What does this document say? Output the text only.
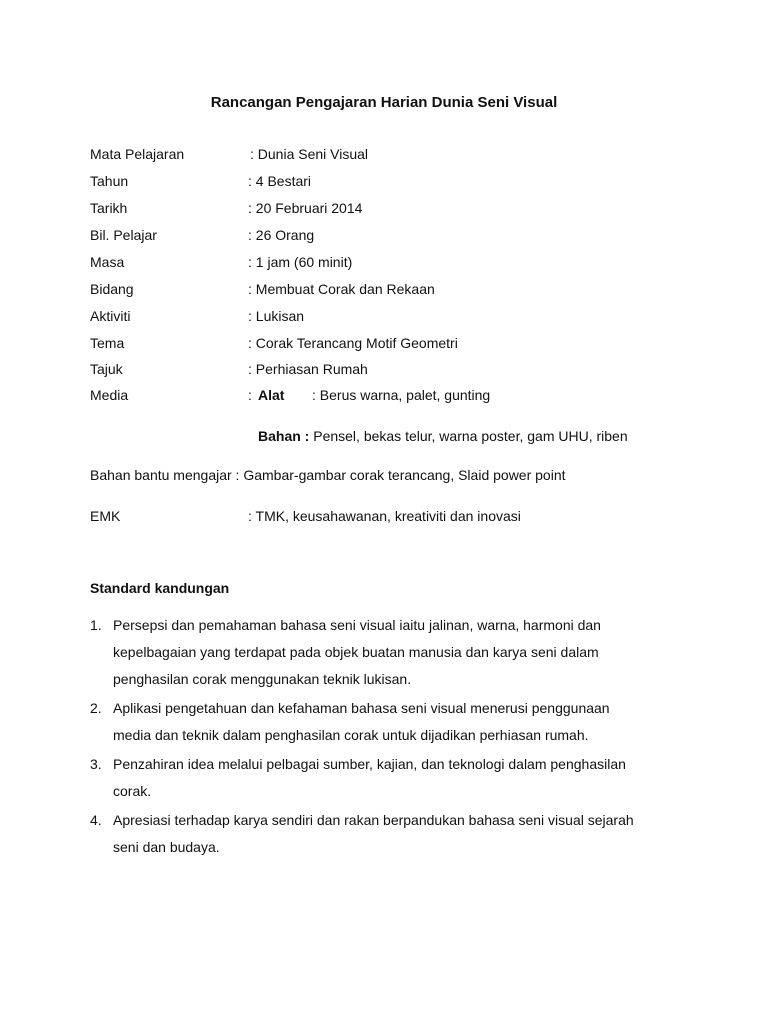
Rancangan Pengajaran Harian Dunia Seni Visual
Mata Pelajaran	: Dunia Seni Visual
Tahun	: 4 Bestari
Tarikh	: 20 Februari 2014
Bil. Pelajar	: 26 Orang
Masa	: 1 jam (60 minit)
Bidang	: Membuat Corak dan Rekaan
Aktiviti	: Lukisan
Tema	: Corak Terancang Motif Geometri
Tajuk	: Perhiasan Rumah
Media	: Alat : Berus warna, palet, gunting
Bahan : Pensel, bekas telur, warna poster, gam UHU, riben
Bahan bantu mengajar : Gambar-gambar corak terancang, Slaid power point
EMK	: TMK, keusahawanan, kreativiti dan inovasi
Standard kandungan
1. Persepsi dan pemahaman bahasa seni visual iaitu jalinan, warna, harmoni dan
kepelbagaian yang terdapat pada objek buatan manusia dan karya seni dalam
penghasilan corak menggunakan teknik lukisan.
2. Aplikasi pengetahuan dan kefahaman bahasa seni visual menerusi penggunaan
media dan teknik dalam penghasilan corak untuk dijadikan perhiasan rumah.
3. Penzahiran idea melalui pelbagai sumber, kajian, dan teknologi dalam penghasilan
corak.
4. Apresiasi terhadap karya sendiri dan rakan berpandukan bahasa seni visual sejarah
seni dan budaya.
